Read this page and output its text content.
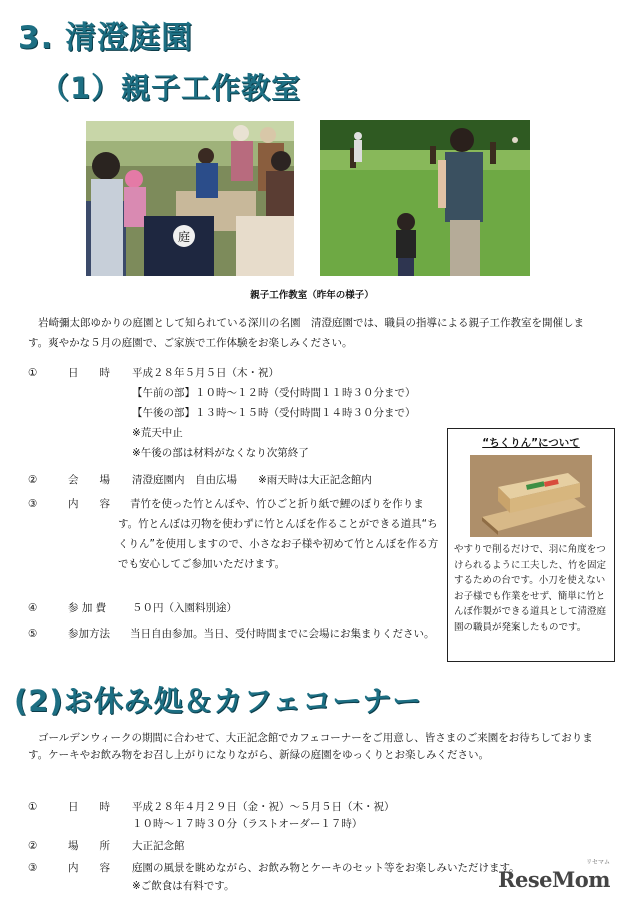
3. 清澄庭園
（1）親子工作教室
庭
親子工作教室（昨年の様子）
岩崎彌太郎ゆかりの庭園として知られている深川の名園　清澄庭園では、職員の指導による親子工作教室を開催します。爽やかな５月の庭園で、ご家族で工作体験をお楽しみください。
①	日　　時 平成２８年５月５日（木・祝）
【午前の部】１０時〜１２時（受付時間１１時３０分まで）
【午後の部】１３時〜１５時（受付時間１４時３０分まで）
※荒天中止
※午後の部は材料がなくなり次第終了
②	会　　場 清澄庭園内　自由広場　　※雨天時は大正記念館内
③	内　　容	青竹を使った竹とんぼや、竹ひごと折り紙で鯉のぼりを作ります。竹とんぼは刃物を使わずに竹とんぼを作ることができる道具“ちくりん”を使用しますので、小さなお子様や初めて竹とんぼを作る方でも安心してご参加いただけます。
④	参 加 費 ５０円（入園料別途）
⑤	参加方法	当日自由参加。当日、受付時間までに会場にお集まりください。
“ちくりん”について
やすりで削るだけで、羽に角度をつけられるように工夫した、竹を固定するための台です。小刀を使えないお子様でも作業をせず、簡単に竹とんぼ作製ができる道具として清澄庭園の職員が発案したものです。
(2)お休み処＆カフェコーナー
ゴールデンウィークの期間に合わせて、大正記念館でカフェコーナーをご用意し、皆さまのご来園をお待ちしております。ケーキやお飲み物をお召し上がりになりながら、新緑の庭園をゆっくりとお楽しみください。
①	日　　時 平成２８年４月２９日（金・祝）〜５月５日（木・祝）
１０時〜１７時３０分（ラストオーダー１７時）
②	場　　所 大正記念館
③	内　　容 庭園の風景を眺めながら、お飲み物とケーキのセット等をお楽しみいただけます。
※ご飲食は有料です。
リセマム
ReseMom
